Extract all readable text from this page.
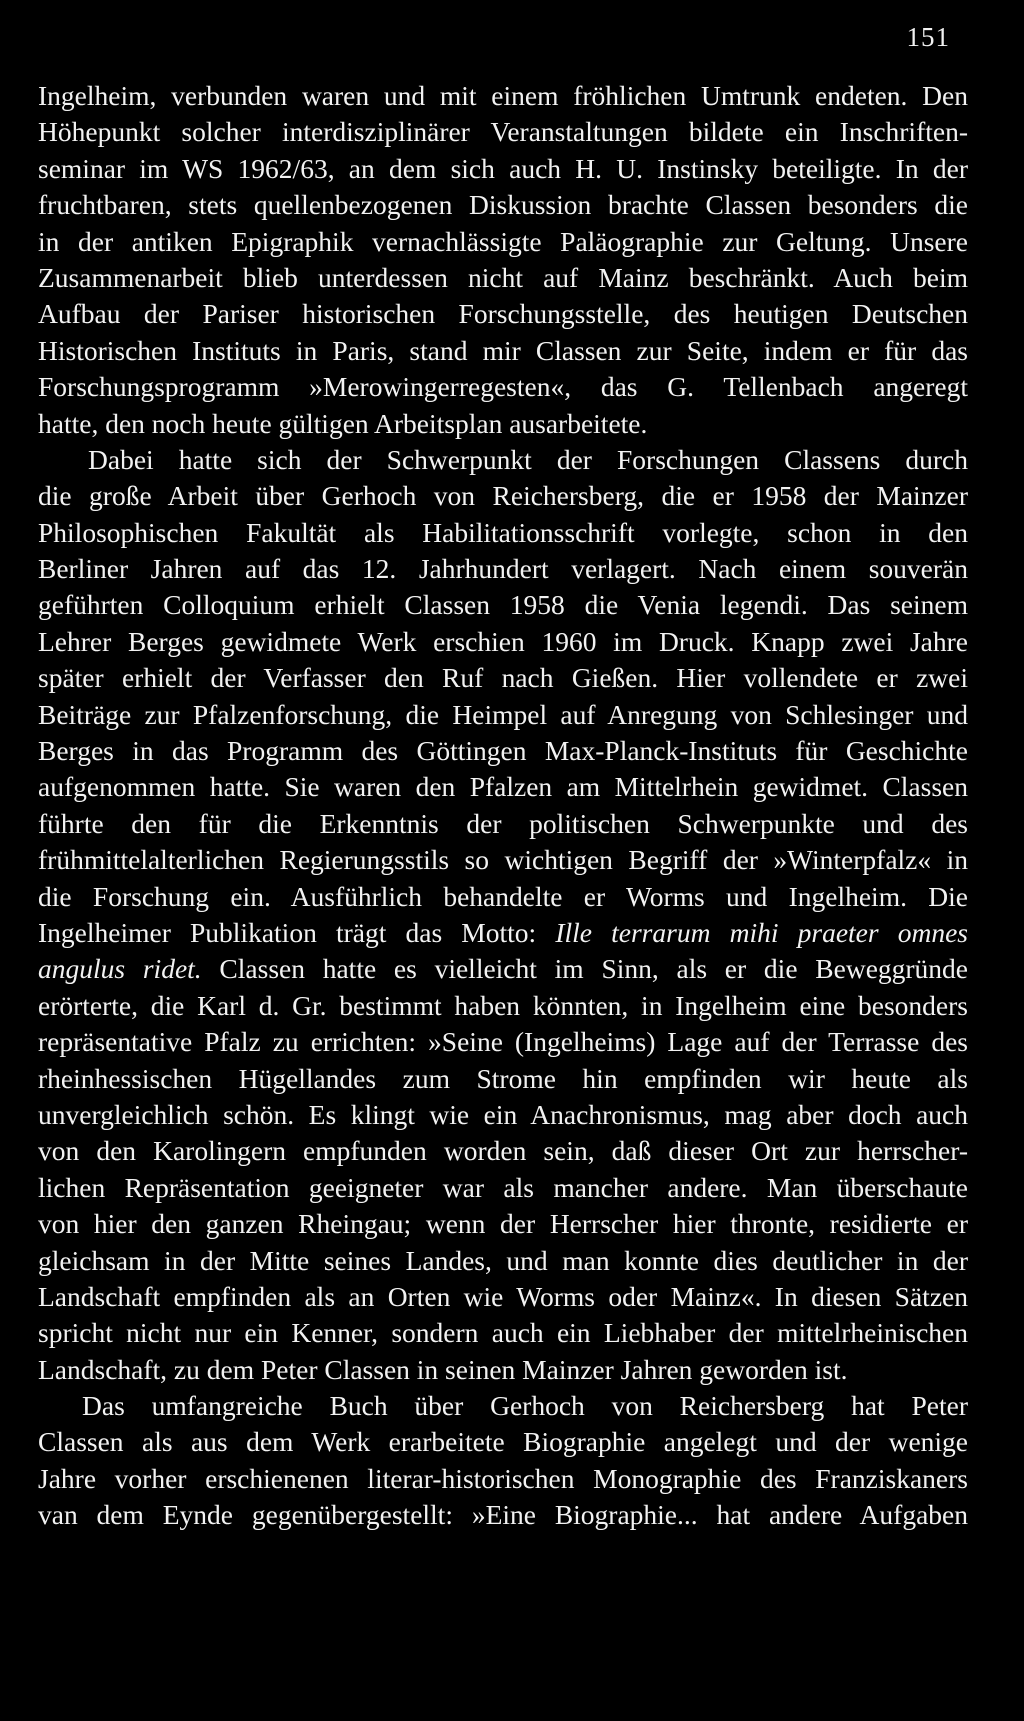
151
Ingelheim, verbunden waren und mit einem fröhlichen Umtrunk endeten. Den
Höhepunkt solcher interdisziplinärer Veranstaltungen bildete ein Inschriften-
seminar im WS 1962/63, an dem sich auch H. U. Instinsky beteiligte. In der
fruchtbaren, stets quellenbezogenen Diskussion brachte Classen besonders die
in der antiken Epigraphik vernachlässigte Paläographie zur Geltung. Unsere
Zusammenarbeit blieb unterdessen nicht auf Mainz beschränkt. Auch beim
Aufbau der Pariser historischen Forschungsstelle, des heutigen Deutschen
Historischen Instituts in Paris, stand mir Classen zur Seite, indem er für das
Forschungsprogramm »Merowingerregesten«, das G. Tellenbach angeregt
hatte, den noch heute gültigen Arbeitsplan ausarbeitete.
Dabei hatte sich der Schwerpunkt der Forschungen Classens durch
die große Arbeit über Gerhoch von Reichersberg, die er 1958 der Mainzer
Philosophischen Fakultät als Habilitationsschrift vorlegte, schon in den
Berliner Jahren auf das 12. Jahrhundert verlagert. Nach einem souverän
geführten Colloquium erhielt Classen 1958 die Venia legendi. Das seinem
Lehrer Berges gewidmete Werk erschien 1960 im Druck. Knapp zwei Jahre
später erhielt der Verfasser den Ruf nach Gießen. Hier vollendete er zwei
Beiträge zur Pfalzenforschung, die Heimpel auf Anregung von Schlesinger und
Berges in das Programm des Göttingen Max-Planck-Instituts für Geschichte
aufgenommen hatte. Sie waren den Pfalzen am Mittelrhein gewidmet. Classen
führte den für die Erkenntnis der politischen Schwerpunkte und des
frühmittelalterlichen Regierungsstils so wichtigen Begriff der »Winterpfalz« in
die Forschung ein. Ausführlich behandelte er Worms und Ingelheim. Die
Ingelheimer Publikation trägt das Motto: Ille terrarum mihi praeter omnes
angulus ridet. Classen hatte es vielleicht im Sinn, als er die Beweggründe
erörterte, die Karl d. Gr. bestimmt haben könnten, in Ingelheim eine besonders
repräsentative Pfalz zu errichten: »Seine (Ingelheims) Lage auf der Terrasse des
rheinhessischen Hügellandes zum Strome hin empfinden wir heute als
unvergleichlich schön. Es klingt wie ein Anachronismus, mag aber doch auch
von den Karolingern empfunden worden sein, daß dieser Ort zur herrscher-
lichen Repräsentation geeigneter war als mancher andere. Man überschaute
von hier den ganzen Rheingau; wenn der Herrscher hier thronte, residierte er
gleichsam in der Mitte seines Landes, und man konnte dies deutlicher in der
Landschaft empfinden als an Orten wie Worms oder Mainz«. In diesen Sätzen
spricht nicht nur ein Kenner, sondern auch ein Liebhaber der mittelrheinischen
Landschaft, zu dem Peter Classen in seinen Mainzer Jahren geworden ist.
Das umfangreiche Buch über Gerhoch von Reichersberg hat Peter
Classen als aus dem Werk erarbeitete Biographie angelegt und der wenige
Jahre vorher erschienenen literar-historischen Monographie des Franziskaners
van dem Eynde gegenübergestellt: »Eine Biographie... hat andere Aufgaben
